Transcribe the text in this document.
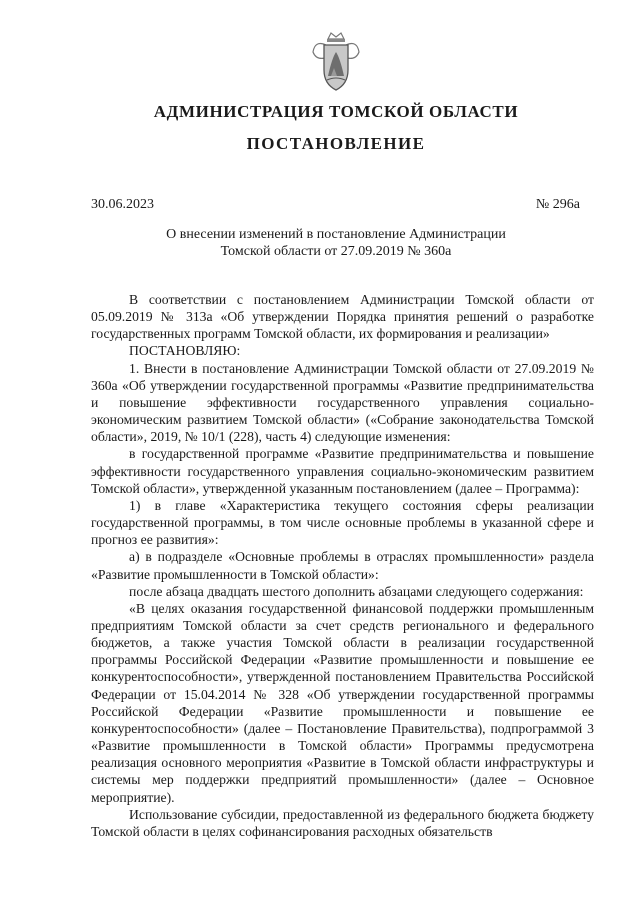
АДМИНИСТРАЦИЯ ТОМСКОЙ ОБЛАСТИ
ПОСТАНОВЛЕНИЕ
30.06.2023	№ 296а
О внесении изменений в постановление Администрации
Томской области от 27.09.2019 № 360а

В соответствии с постановлением Администрации Томской области от 05.09.2019 № 313а «Об утверждении Порядка принятия решений о разработке государственных программ Томской области, их формирования и реализации»

ПОСТАНОВЛЯЮ:

1. Внести в постановление Администрации Томской области от 27.09.2019 № 360а «Об утверждении государственной программы «Развитие предпринимательства и повышение эффективности государственного управления социально-экономическим развитием Томской области» («Собрание законодательства Томской области», 2019, № 10/1 (228), часть 4) следующие изменения:

в государственной программе «Развитие предпринимательства и повышение эффективности государственного управления социально-экономическим развитием Томской области», утвержденной указанным постановлением (далее – Программа):

1) в главе «Характеристика текущего состояния сферы реализации государственной программы, в том числе основные проблемы в указанной сфере и прогноз ее развития»:

а) в подразделе «Основные проблемы в отраслях промышленности» раздела «Развитие промышленности в Томской области»:

после абзаца двадцать шестого дополнить абзацами следующего содержания:

«В целях оказания государственной финансовой поддержки промышленным предприятиям Томской области за счет средств регионального и федерального бюджетов, а также участия Томской области в реализации государственной программы Российской Федерации «Развитие промышленности и повышение ее конкурентоспособности», утвержденной постановлением Правительства Российской Федерации от 15.04.2014 № 328 «Об утверждении государственной программы Российской Федерации «Развитие промышленности и повышение ее конкурентоспособности» (далее – Постановление Правительства), подпрограммой 3 «Развитие промышленности в Томской области» Программы предусмотрена реализация основного мероприятия «Развитие в Томской области инфраструктуры и системы мер поддержки предприятий промышленности» (далее – Основное мероприятие).

Использование субсидии, предоставленной из федерального бюджета бюджету Томской области в целях софинансирования расходных обязательств
